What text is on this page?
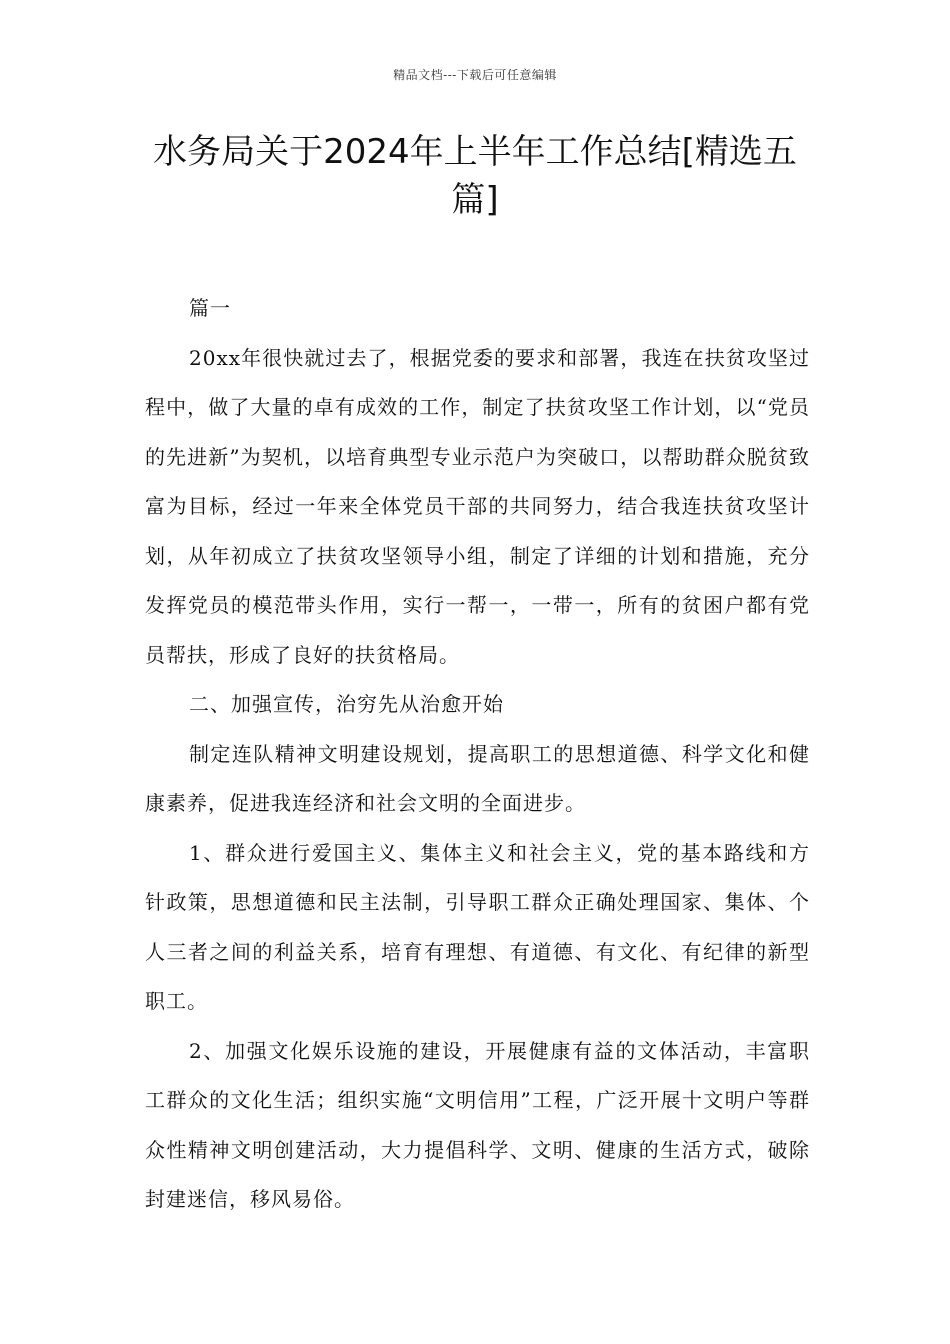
精品文档---下载后可任意编辑
水务局关于2024年上半年工作总结[精选五篇]

篇一

20xx年很快就过去了，根据党委的要求和部署，我连在扶贫攻坚过程中，做了大量的卓有成效的工作，制定了扶贫攻坚工作计划，以“党员的先进新”为契机，以培育典型专业示范户为突破口，以帮助群众脱贫致富为目标，经过一年来全体党员干部的共同努力，结合我连扶贫攻坚计划，从年初成立了扶贫攻坚领导小组，制定了详细的计划和措施，充分发挥党员的模范带头作用，实行一帮一，一带一，所有的贫困户都有党员帮扶，形成了良好的扶贫格局。

二、加强宣传，治穷先从治愈开始

制定连队精神文明建设规划，提高职工的思想道德、科学文化和健康素养，促进我连经济和社会文明的全面进步。

1、群众进行爱国主义、集体主义和社会主义，党的基本路线和方针政策，思想道德和民主法制，引导职工群众正确处理国家、集体、个人三者之间的利益关系，培育有理想、有道德、有文化、有纪律的新型职工。

2、加强文化娱乐设施的建设，开展健康有益的文体活动，丰富职工群众的文化生活；组织实施“文明信用”工程，广泛开展十文明户等群众性精神文明创建活动，大力提倡科学、文明、健康的生活方式，破除封建迷信，移风易俗。
